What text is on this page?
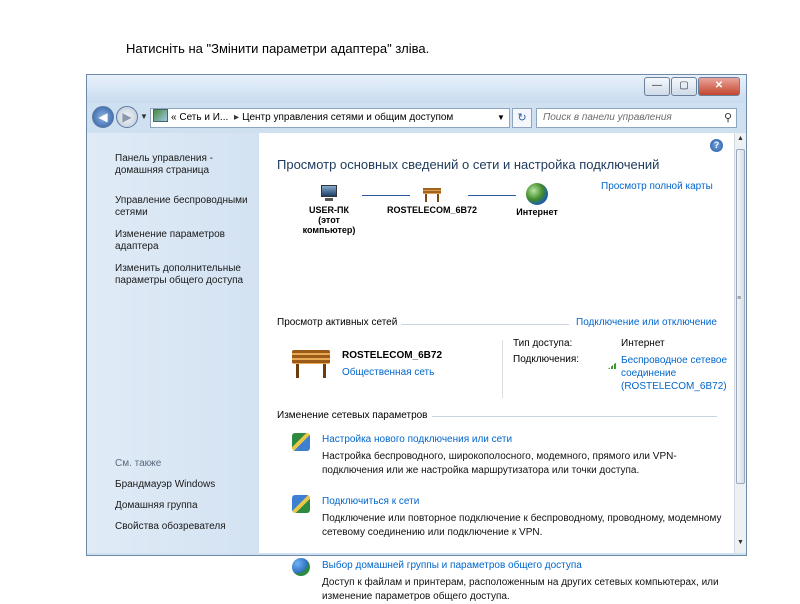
Натисніть на "Змінити параметри адаптера" зліва.
—	▢	✕
◀	▶	▼	« Сеть и И... ▸ Центр управления сетями и общим доступом	▼	↻	Поиск в панели управления	⚲
Панель управления - домашняя страница
Управление беспроводными сетями
Изменение параметров адаптера
Изменить дополнительные параметры общего доступа
См. также
Брандмауэр Windows
Домашняя группа
Свойства обозревателя
?
Просмотр основных сведений о сети и настройка подключений
Просмотр полной карты

USER-ПК
(этот компьютер)

ROSTELECOM_6B72	Интернет
Просмотр активных сетей	Подключение или отключение
ROSTELECOM_6B72
Общественная сеть
Тип доступа:	Интернет
Подключения:	Беспроводное сетевое соединение (ROSTELECOM_6B72)
Изменение сетевых параметров
Настройка нового подключения или сети
Настройка беспроводного, широкополосного, модемного, прямого или VPN-подключения или же настройка маршрутизатора или точки доступа.
Подключиться к сети
Подключение или повторное подключение к беспроводному, проводному, модемному сетевому соединению или подключение к VPN.
Выбор домашней группы и параметров общего доступа
Доступ к файлам и принтерам, расположенным на других сетевых компьютерах, или изменение параметров общего доступа.
▲
≡
▼
